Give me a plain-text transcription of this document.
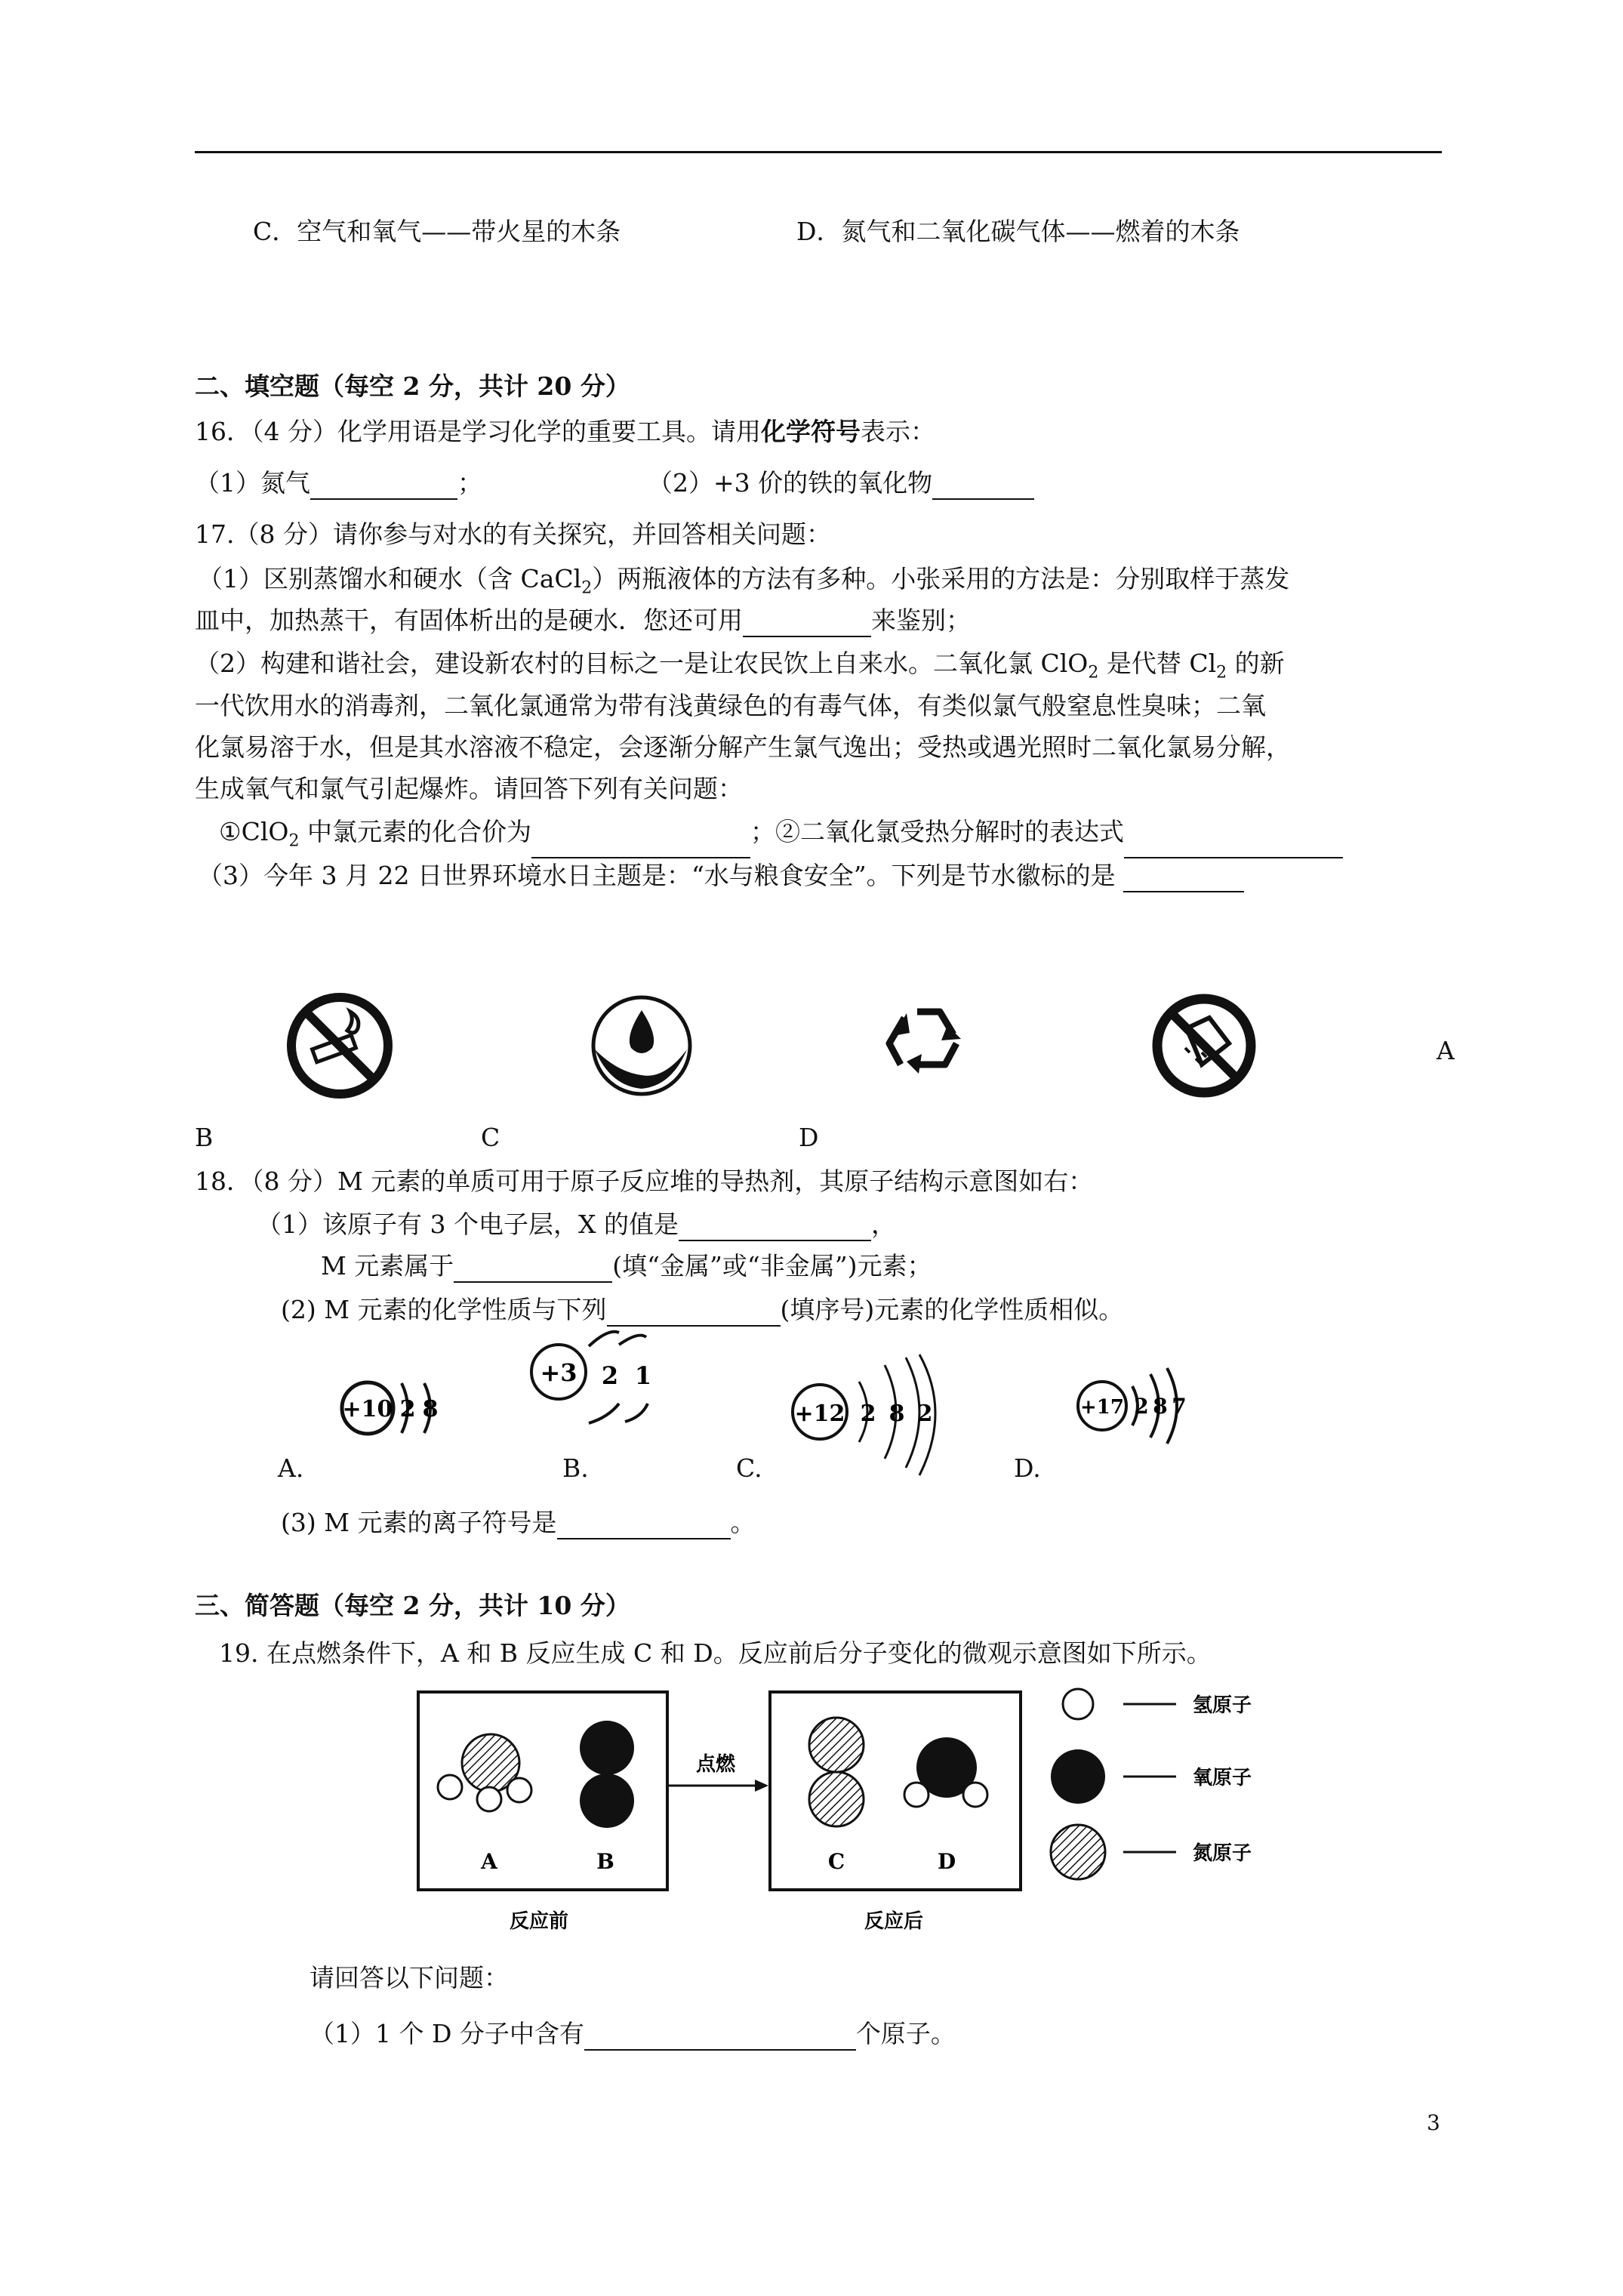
C．空气和氧气——带火星的木条	D．氮气和二氧化碳气体——燃着的木条
二、填空题（每空 2 分，共计 20 分）
16．（4 分）化学用语是学习化学的重要工具。请用化学符号表示：
（1）氮气	；	（2）+3 价的铁的氧化物
17.（8 分）请你参与对水的有关探究，并回答相关问题：
（1）区别蒸馏水和硬水（含 CaCl$_2$）两瓶液体的方法有多种。小张采用的方法是：分别取样于蒸发
皿中，加热蒸干，有固体析出的是硬水．您还可用	来鉴别；
（2）构建和谐社会，建设新农村的目标之一是让农民饮上自来水。二氧化氯 ClO$_2$ 是代替 $Cl_2$ 的新
一代饮用水的消毒剂，二氧化氯通常为带有浅黄绿色的有毒气体，有类似氯气般窒息性臭味；二氧
化氯易溶于水，但是其水溶液不稳定，会逐渐分解产生氯气逸出；受热或遇光照时二氧化氯易分解，
生成氧气和氯气引起爆炸。请回答下列有关问题：
①ClO$_2$ 中氯元素的化合价为	；②二氧化氯受热分解时的表达式
（3）今年 3 月 22 日世界环境水日主题是：“水与粮食安全”。下列是节水徽标的是
A
B	C	D
18．（8 分）M 元素的单质可用于原子反应堆的导热剂，其原子结构示意图如右：
（1）该原子有 3 个电子层，X 的值是	，
M 元素属于	(填“金属”或“非金属”)元素；
(2) M 元素的化学性质与下列	(填序号)元素的化学性质相似。
+10 2 8
+3 2 1
+12 2 8 2	+17 2 8 7
A.	B.	C.	D.
(3) M 元素的离子符号是	。
三、简答题（每空 2 分，共计 10 分）
19. 在点燃条件下，A 和 B 反应生成 C 和 D。反应前后分子变化的微观示意图如下所示。
A	B
点燃
C	D
反应前	反应后
氢原子
氧原子
氮原子
请回答以下问题：
（1）1 个 D 分子中含有	个原子。
3
